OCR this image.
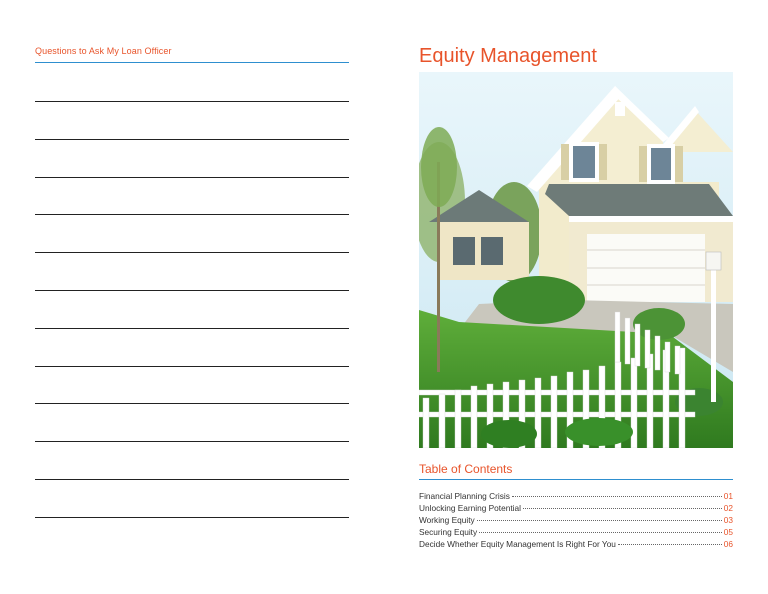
Questions to Ask My Loan Officer	Equity Management
Table of Contents
Financial Planning Crisis	01
Unlocking Earning Potential	02
Working Equity	03
Securing Equity	05
Decide Whether Equity Management Is Right For You	06
